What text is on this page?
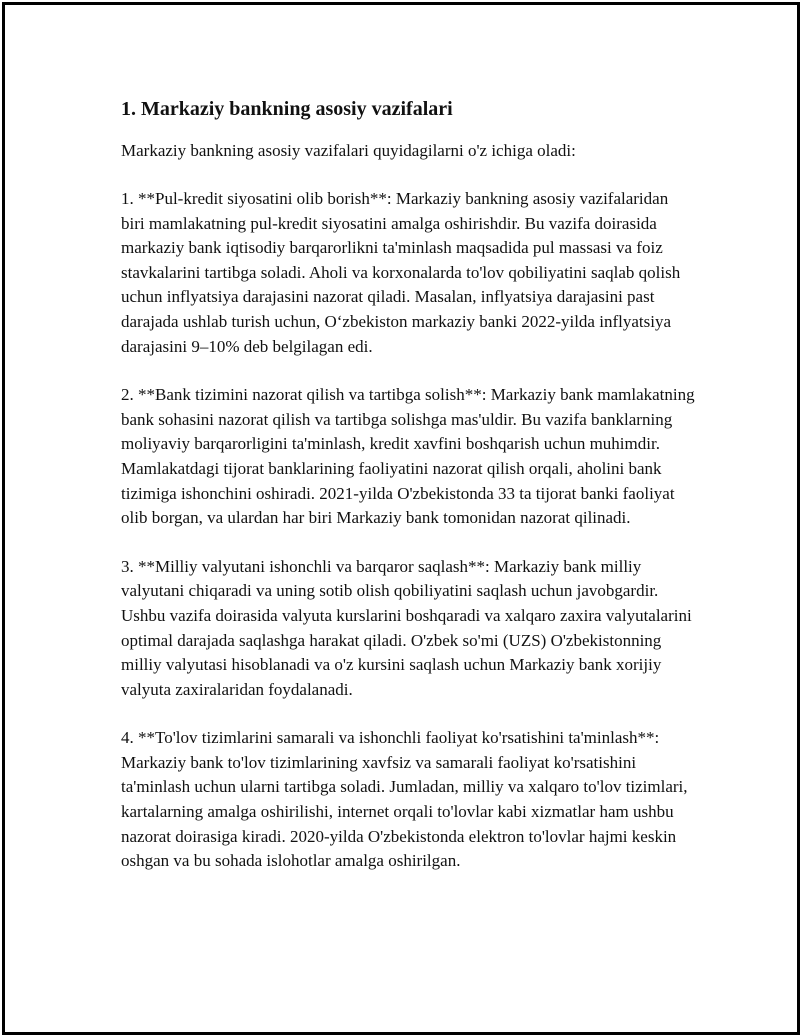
1. Markaziy bankning asosiy vazifalari

Markaziy bankning asosiy vazifalari quyidagilarni o'z ichiga oladi:

1. **Pul-kredit siyosatini olib borish**: Markaziy bankning asosiy vazifalaridan biri mamlakatning pul-kredit siyosatini amalga oshirishdir. Bu vazifa doirasida markaziy bank iqtisodiy barqarorlikni ta'minlash maqsadida pul massasi va foiz stavkalarini tartibga soladi. Aholi va korxonalarda to'lov qobiliyatini saqlab qolish uchun inflyatsiya darajasini nazorat qiladi. Masalan, inflyatsiya darajasini past darajada ushlab turish uchun, O‘zbekiston markaziy banki 2022-yilda inflyatsiya darajasini 9–10% deb belgilagan edi.

2. **Bank tizimini nazorat qilish va tartibga solish**: Markaziy bank mamlakatning bank sohasini nazorat qilish va tartibga solishga mas'uldir. Bu vazifa banklarning moliyaviy barqarorligini ta'minlash, kredit xavfini boshqarish uchun muhimdir. Mamlakatdagi tijorat banklarining faoliyatini nazorat qilish orqali, aholini bank tizimiga ishonchini oshiradi. 2021-yilda O'zbekistonda 33 ta tijorat banki faoliyat olib borgan, va ulardan har biri Markaziy bank tomonidan nazorat qilinadi.

3. **Milliy valyutani ishonchli va barqaror saqlash**: Markaziy bank milliy valyutani chiqaradi va uning sotib olish qobiliyatini saqlash uchun javobgardir. Ushbu vazifa doirasida valyuta kurslarini boshqaradi va xalqaro zaxira valyutalarini optimal darajada saqlashga harakat qiladi. O'zbek so'mi (UZS) O'zbekistonning milliy valyutasi hisoblanadi va o'z kursini saqlash uchun Markaziy bank xorijiy valyuta zaxiralaridan foydalanadi.

4. **To'lov tizimlarini samarali va ishonchli faoliyat ko'rsatishini ta'minlash**: Markaziy bank to'lov tizimlarining xavfsiz va samarali faoliyat ko'rsatishini ta'minlash uchun ularni tartibga soladi. Jumladan, milliy va xalqaro to'lov tizimlari, kartalarning amalga oshirilishi, internet orqali to'lovlar kabi xizmatlar ham ushbu nazorat doirasiga kiradi. 2020-yilda O'zbekistonda elektron to'lovlar hajmi keskin oshgan va bu sohada islohotlar amalga oshirilgan.
